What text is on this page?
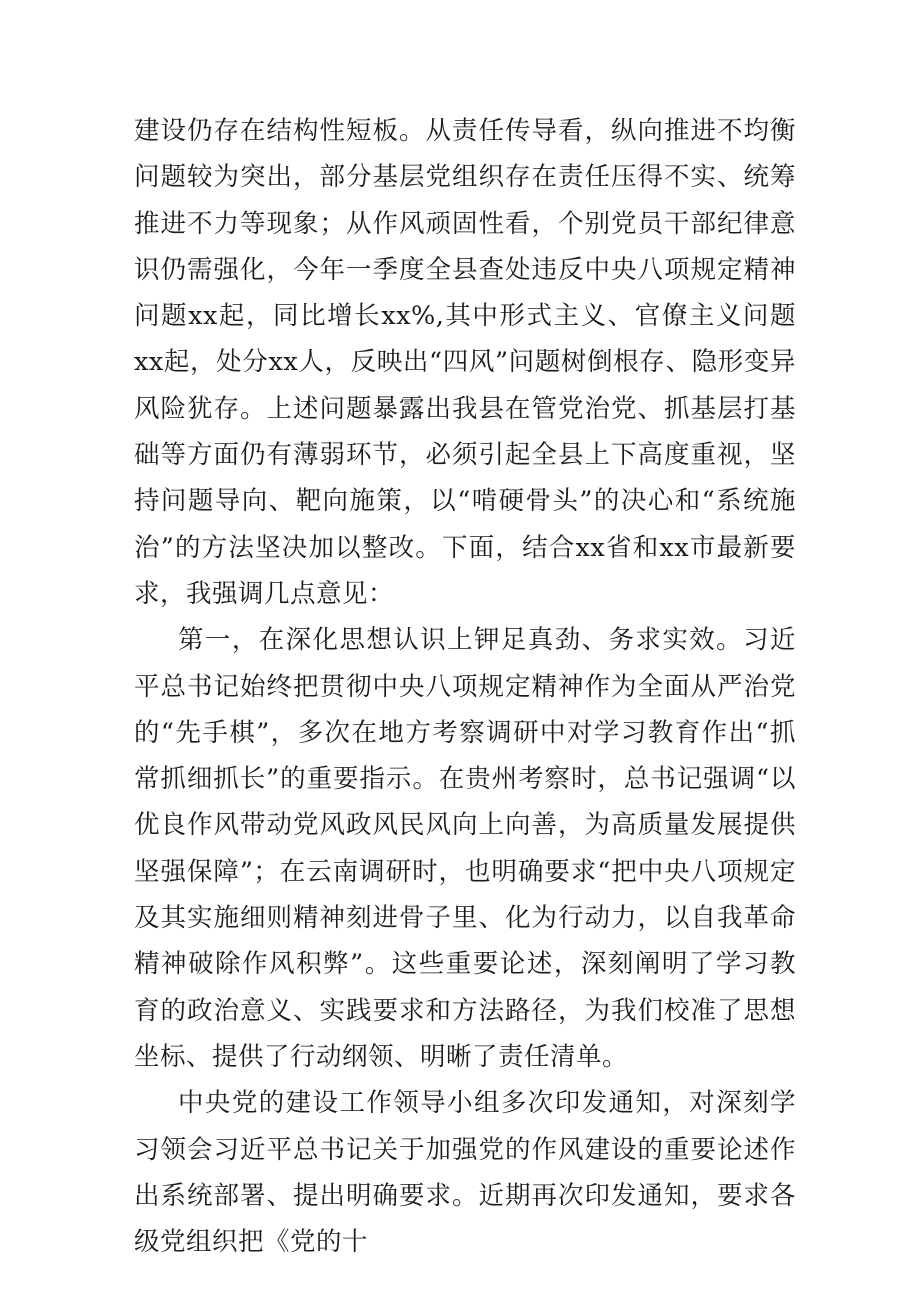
建设仍存在结构性短板。从责任传导看，纵向推进不均衡问题较为突出，部分基层党组织存在责任压得不实、统筹推进不力等现象；从作风顽固性看，个别党员干部纪律意识仍需强化，今年一季度全县查处违反中央八项规定精神问题xx起，同比增长xx%,其中形式主义、官僚主义问题xx起，处分xx人，反映出“四风”问题树倒根存、隐形变异风险犹存。上述问题暴露出我县在管党治党、抓基层打基础等方面仍有薄弱环节，必须引起全县上下高度重视，坚持问题导向、靶向施策，以“啃硬骨头”的决心和“系统施治”的方法坚决加以整改。下面，结合xx省和xx市最新要求，我强调几点意见：

第一，在深化思想认识上钾足真劲、务求实效。习近平总书记始终把贯彻中央八项规定精神作为全面从严治党的“先手棋”，多次在地方考察调研中对学习教育作出“抓常抓细抓长”的重要指示。在贵州考察时，总书记强调“以优良作风带动党风政风民风向上向善，为高质量发展提供坚强保障”；在云南调研时，也明确要求“把中央八项规定及其实施细则精神刻进骨子里、化为行动力，以自我革命精神破除作风积弊”。这些重要论述，深刻阐明了学习教育的政治意义、实践要求和方法路径，为我们校准了思想坐标、提供了行动纲领、明晰了责任清单。

中央党的建设工作领导小组多次印发通知，对深刻学习领会习近平总书记关于加强党的作风建设的重要论述作出系统部署、提出明确要求。近期再次印发通知，要求各级党组织把《党的十
